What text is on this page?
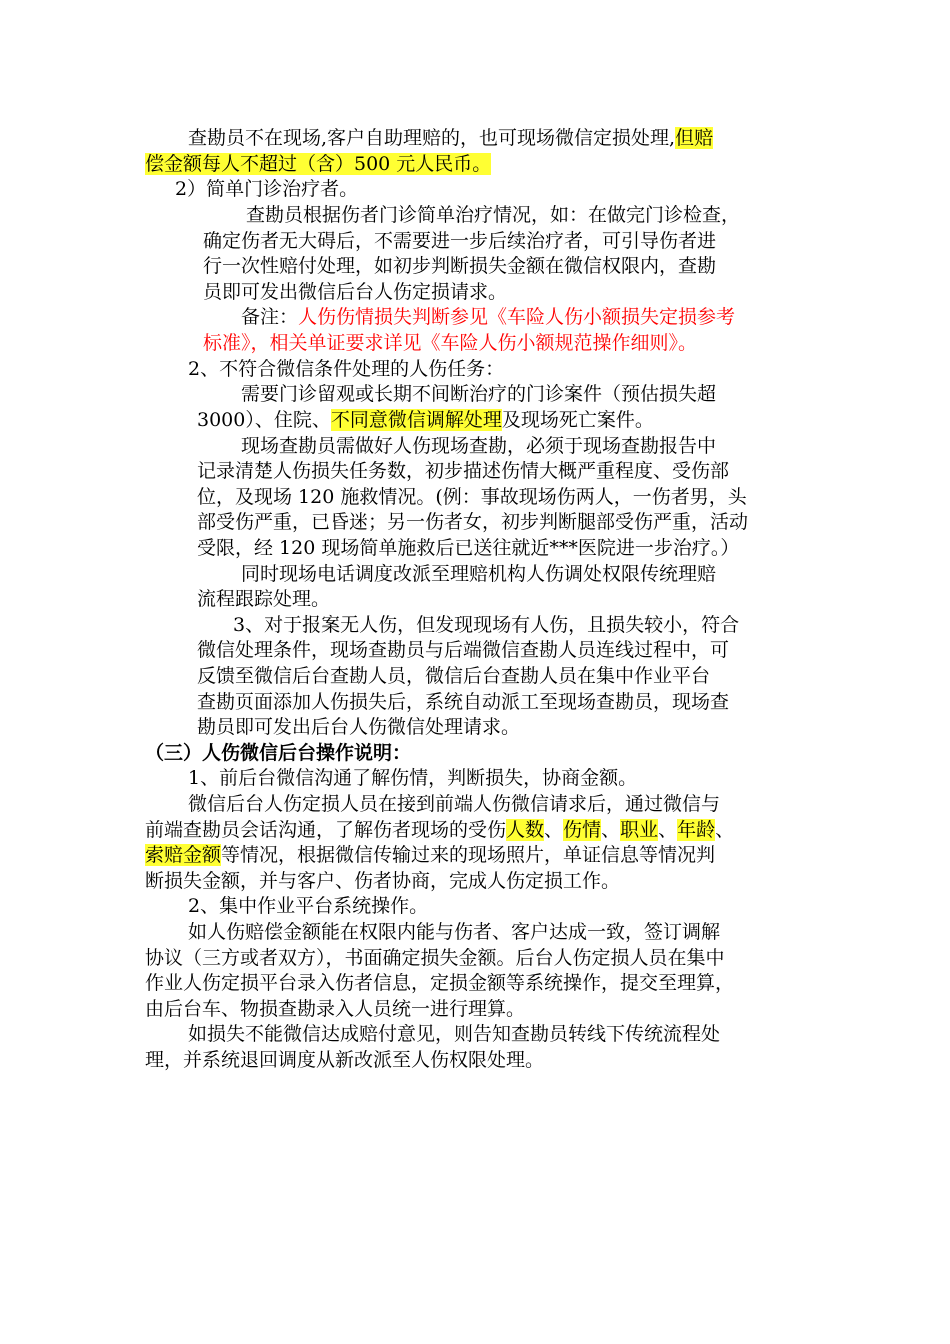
查勘员不在现场,客户自助理赔的，也可现场微信定损处理,但赔

偿金额每人不超过（含）500 元人民币。

2）简单门诊治疗者。

查勘员根据伤者门诊简单治疗情况，如：在做完门诊检查，

确定伤者无大碍后，不需要进一步后续治疗者，可引导伤者进

行一次性赔付处理，如初步判断损失金额在微信权限内，查勘

员即可发出微信后台人伤定损请求。

备注：人伤伤情损失判断参见《车险人伤小额损失定损参考

标准》，相关单证要求详见《车险人伤小额规范操作细则》。

2、不符合微信条件处理的人伤任务：

需要门诊留观或长期不间断治疗的门诊案件（预估损失超

3000）、住院、不同意微信调解处理及现场死亡案件。

现场查勘员需做好人伤现场查勘，必须于现场查勘报告中

记录清楚人伤损失任务数，初步描述伤情大概严重程度、受伤部

位，及现场 120 施救情况。(例：事故现场伤两人，一伤者男，头

部受伤严重，已昏迷；另一伤者女，初步判断腿部受伤严重，活动

受限，经 120 现场简单施救后已送往就近***医院进一步治疗。）

同时现场电话调度改派至理赔机构人伤调处权限传统理赔

流程跟踪处理。

3、对于报案无人伤，但发现现场有人伤，且损失较小，符合

微信处理条件，现场查勘员与后端微信查勘人员连线过程中，可

反馈至微信后台查勘人员，微信后台查勘人员在集中作业平台

查勘页面添加人伤损失后，系统自动派工至现场查勘员，现场查

勘员即可发出后台人伤微信处理请求。

（三）人伤微信后台操作说明：

1、前后台微信沟通了解伤情，判断损失，协商金额。

微信后台人伤定损人员在接到前端人伤微信请求后，通过微信与

前端查勘员会话沟通，了解伤者现场的受伤人数、伤情、职业、年龄、

索赔金额等情况，根据微信传输过来的现场照片，单证信息等情况判

断损失金额，并与客户、伤者协商，完成人伤定损工作。

2、集中作业平台系统操作。

如人伤赔偿金额能在权限内能与伤者、客户达成一致，签订调解

协议（三方或者双方），书面确定损失金额。后台人伤定损人员在集中

作业人伤定损平台录入伤者信息，定损金额等系统操作，提交至理算，

由后台车、物损查勘录入人员统一进行理算。

如损失不能微信达成赔付意见，则告知查勘员转线下传统流程处

理，并系统退回调度从新改派至人伤权限处理。
